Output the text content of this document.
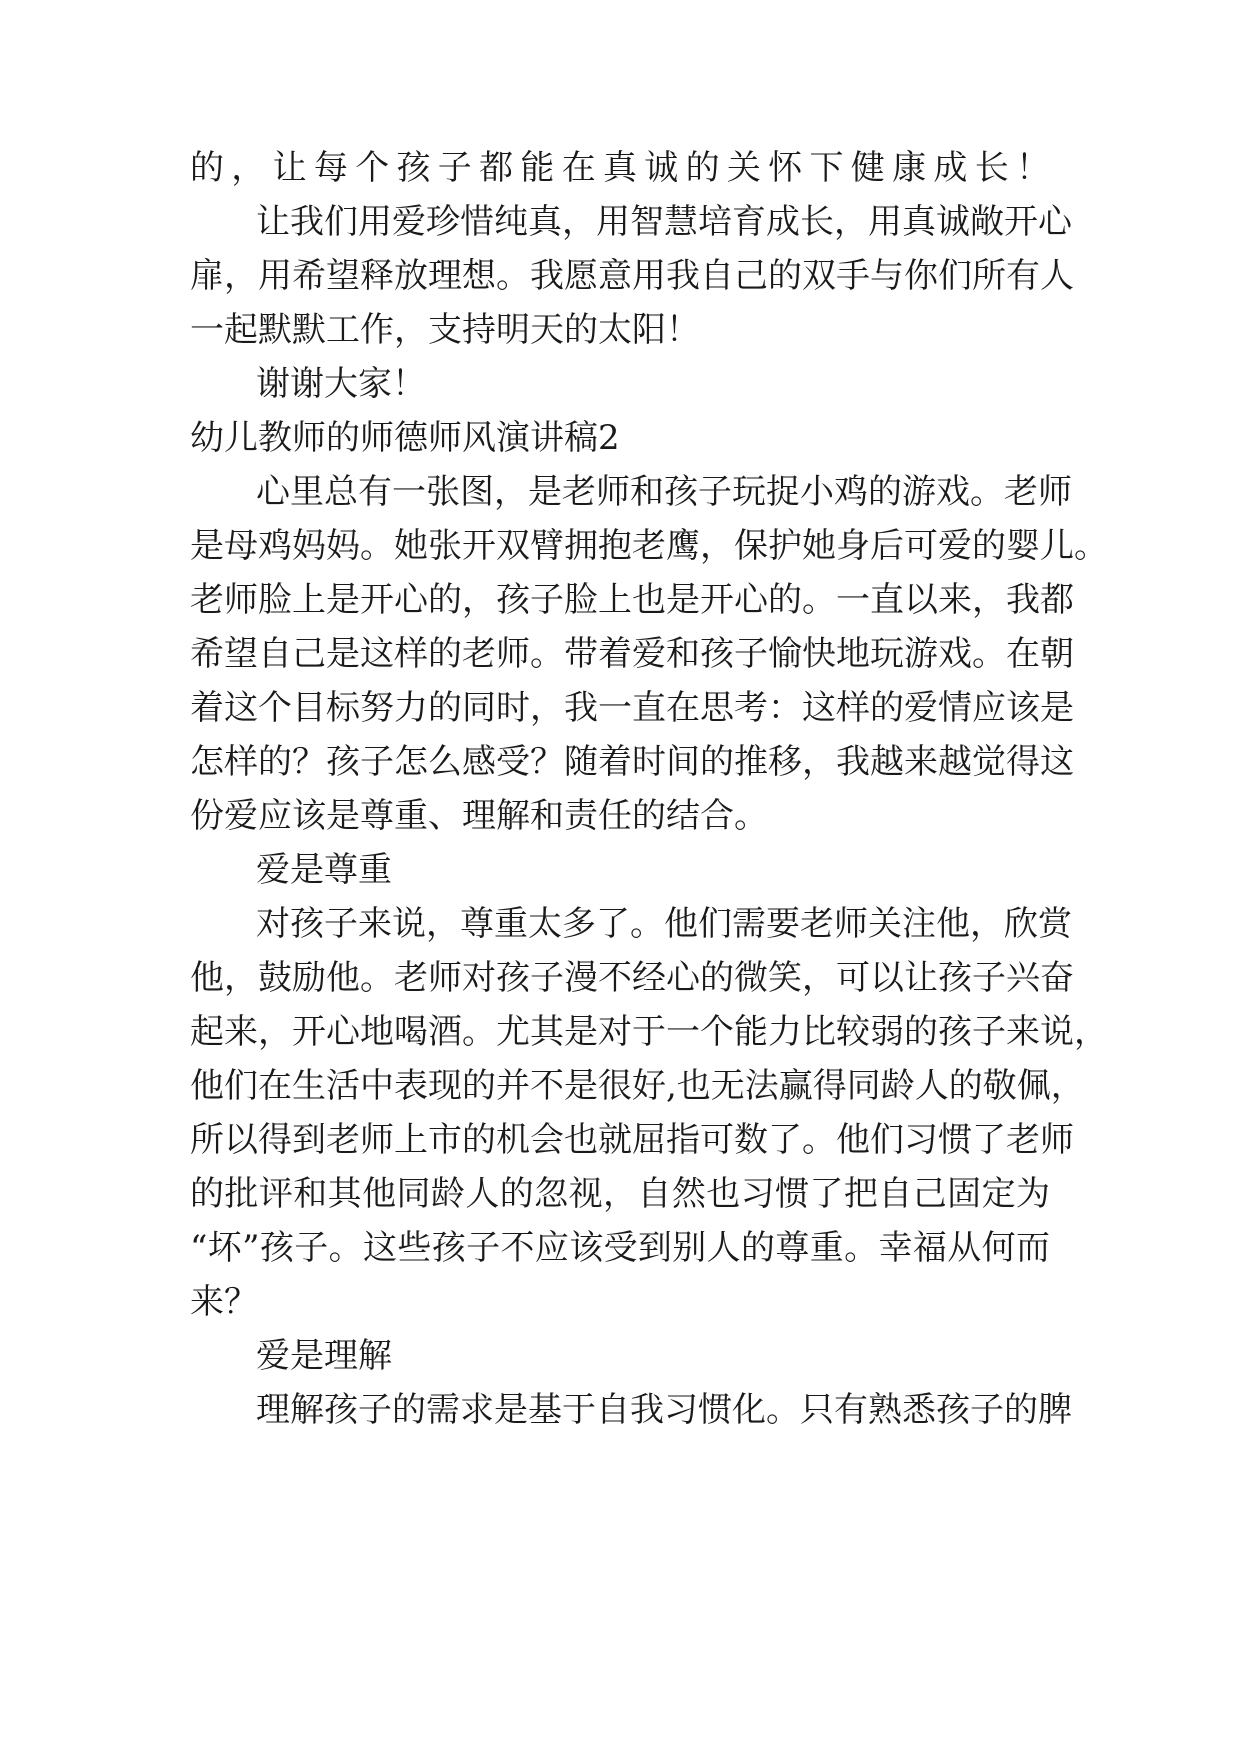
的，让每个孩子都能在真诚的关怀下健康成长！
让我们用爱珍惜纯真，用智慧培育成长，用真诚敞开心
扉，用希望释放理想。我愿意用我自己的双手与你们所有人
一起默默工作，支持明天的太阳！
谢谢大家！
幼儿教师的师德师风演讲稿2
心里总有一张图，是老师和孩子玩捉小鸡的游戏。老师
是母鸡妈妈。她张开双臂拥抱老鹰，保护她身后可爱的婴儿。
老师脸上是开心的，孩子脸上也是开心的。一直以来，我都
希望自己是这样的老师。带着爱和孩子愉快地玩游戏。在朝
着这个目标努力的同时，我一直在思考：这样的爱情应该是
怎样的？孩子怎么感受？随着时间的推移，我越来越觉得这
份爱应该是尊重、理解和责任的结合。
爱是尊重
对孩子来说，尊重太多了。他们需要老师关注他，欣赏
他，鼓励他。老师对孩子漫不经心的微笑，可以让孩子兴奋
起来，开心地喝酒。尤其是对于一个能力比较弱的孩子来说，
他们在生活中表现的并不是很好,也无法赢得同龄人的敬佩，
所以得到老师上市的机会也就屈指可数了。他们习惯了老师
的批评和其他同龄人的忽视，自然也习惯了把自己固定为
“坏”孩子。这些孩子不应该受到别人的尊重。幸福从何而
来？
爱是理解
理解孩子的需求是基于自我习惯化。只有熟悉孩子的脾
